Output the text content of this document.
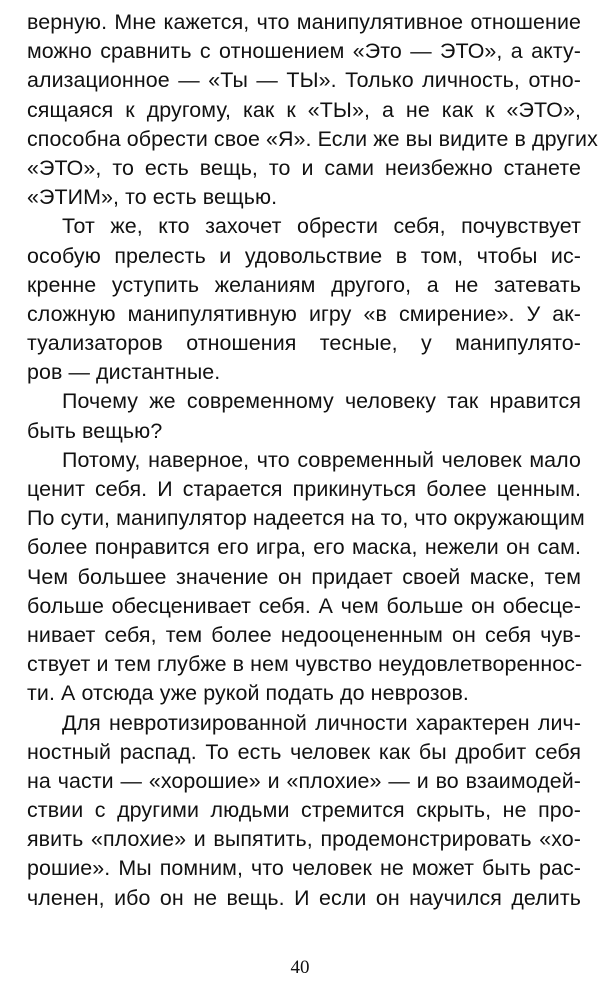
верную. Мне кажется, что манипулятивное отношение
можно сравнить с отношением «Это — ЭТО», а акту-
ализационное — «Ты — ТЫ». Только личность, отно-
сящаяся к другому, как к «ТЫ», а не как к «ЭТО»,
способна обрести свое «Я». Если же вы видите в других
«ЭТО», то есть вещь, то и сами неизбежно станете
«ЭТИМ», то есть вещью.
Тот же, кто захочет обрести себя, почувствует
особую прелесть и удовольствие в том, чтобы ис-
кренне уступить желаниям другого, а не затевать
сложную манипулятивную игру «в смирение». У ак-
туализаторов отношения тесные, у манипулято-
ров — дистантные.
Почему же современному человеку так нравится
быть вещью?
Потому, наверное, что современный человек мало
ценит себя. И старается прикинуться более ценным.
По сути, манипулятор надеется на то, что окружающим
более понравится его игра, его маска, нежели он сам.
Чем большее значение он придает своей маске, тем
больше обесценивает себя. А чем больше он обесце-
нивает себя, тем более недооцененным он себя чув-
ствует и тем глубже в нем чувство неудовлетвореннос-
ти. А отсюда уже рукой подать до неврозов.
Для невротизированной личности характерен лич-
ностный распад. То есть человек как бы дробит себя
на части — «хорошие» и «плохие» — и во взаимодей-
ствии с другими людьми стремится скрыть, не про-
явить «плохие» и выпятить, продемонстрировать «хо-
рошие». Мы помним, что человек не может быть рас-
членен, ибо он не вещь. И если он научился делить
40
